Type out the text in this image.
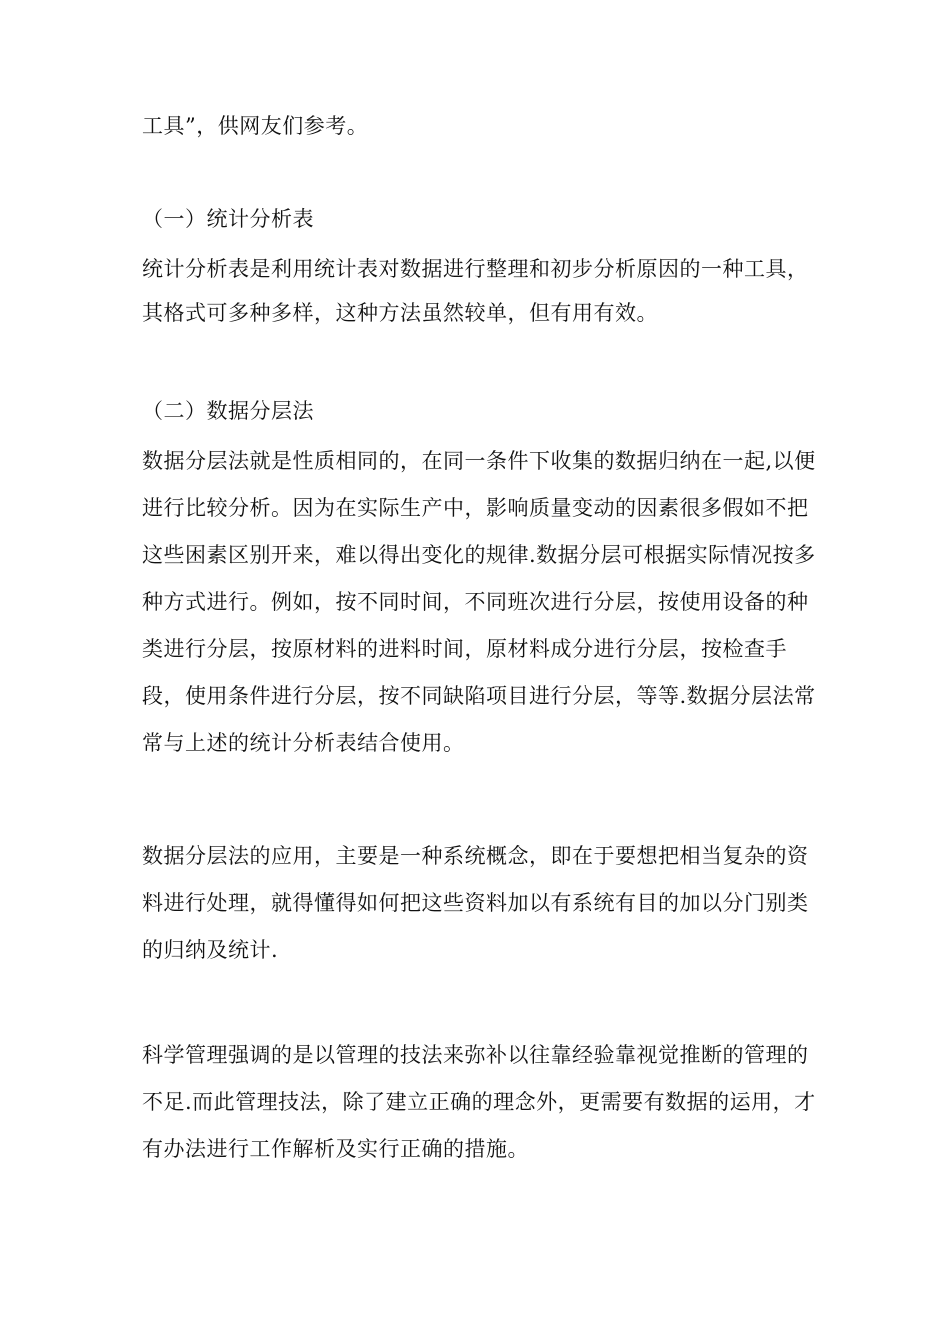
工具”，供网友们参考。
（一）统计分析表
统计分析表是利用统计表对数据进行整理和初步分析原因的一种工具，
其格式可多种多样，这种方法虽然较单，但有用有效。
（二）数据分层法
数据分层法就是性质相同的，在同一条件下收集的数据归纳在一起,以便
进行比较分析。因为在实际生产中，影响质量变动的因素很多假如不把
这些困素区别开来，难以得出变化的规律.数据分层可根据实际情况按多
种方式进行。例如，按不同时间，不同班次进行分层，按使用设备的种
类进行分层，按原材料的进料时间，原材料成分进行分层，按检查手
段，使用条件进行分层，按不同缺陷项目进行分层，等等.数据分层法常
常与上述的统计分析表结合使用。
数据分层法的应用，主要是一种系统概念，即在于要想把相当复杂的资
料进行处理，就得懂得如何把这些资料加以有系统有目的加以分门别类
的归纳及统计.
科学管理强调的是以管理的技法来弥补以往靠经验靠视觉推断的管理的
不足.而此管理技法，除了建立正确的理念外，更需要有数据的运用，才
有办法进行工作解析及实行正确的措施。
